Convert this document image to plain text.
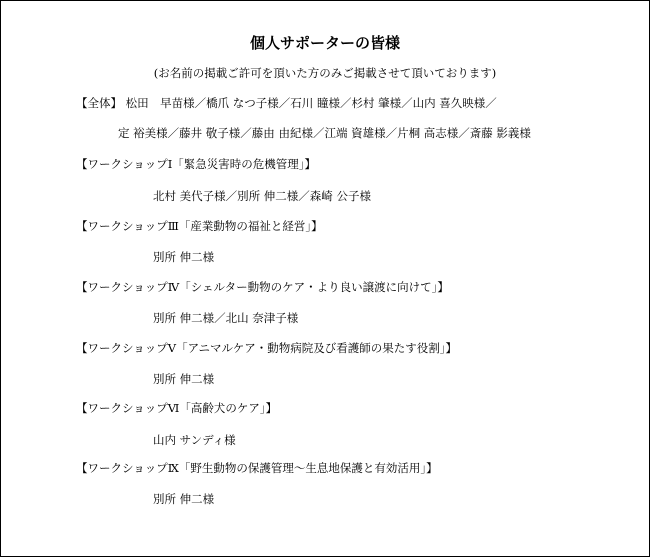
個人サポーターの皆様
(お名前の掲載ご許可を頂いた方のみご掲載させて頂いております)
【全体】 松田　早苗様／橋爪 なつ子様／石川 瞳様／杉村 肇様／山内 喜久映様／
定 裕美様／藤井 敬子様／藤由 由紀様／江端 資雄様／片桐 高志様／斎藤 影義様
【ワークショップⅠ「緊急災害時の危機管理」】
北村 美代子様／別所 伸二様／森崎 公子様
【ワークショップⅢ「産業動物の福祉と経営」】
別所 伸二様
【ワークショップⅣ「シェルター動物のケア・より良い譲渡に向けて」】
別所 伸二様／北山 奈津子様
【ワークショップⅤ「アニマルケア・動物病院及び看護師の果たす役割」】
別所 伸二様
【ワークショップⅥ「高齢犬のケア」】
山内 サンディ様
【ワークショップⅨ「野生動物の保護管理～生息地保護と有効活用」】
別所 伸二様
